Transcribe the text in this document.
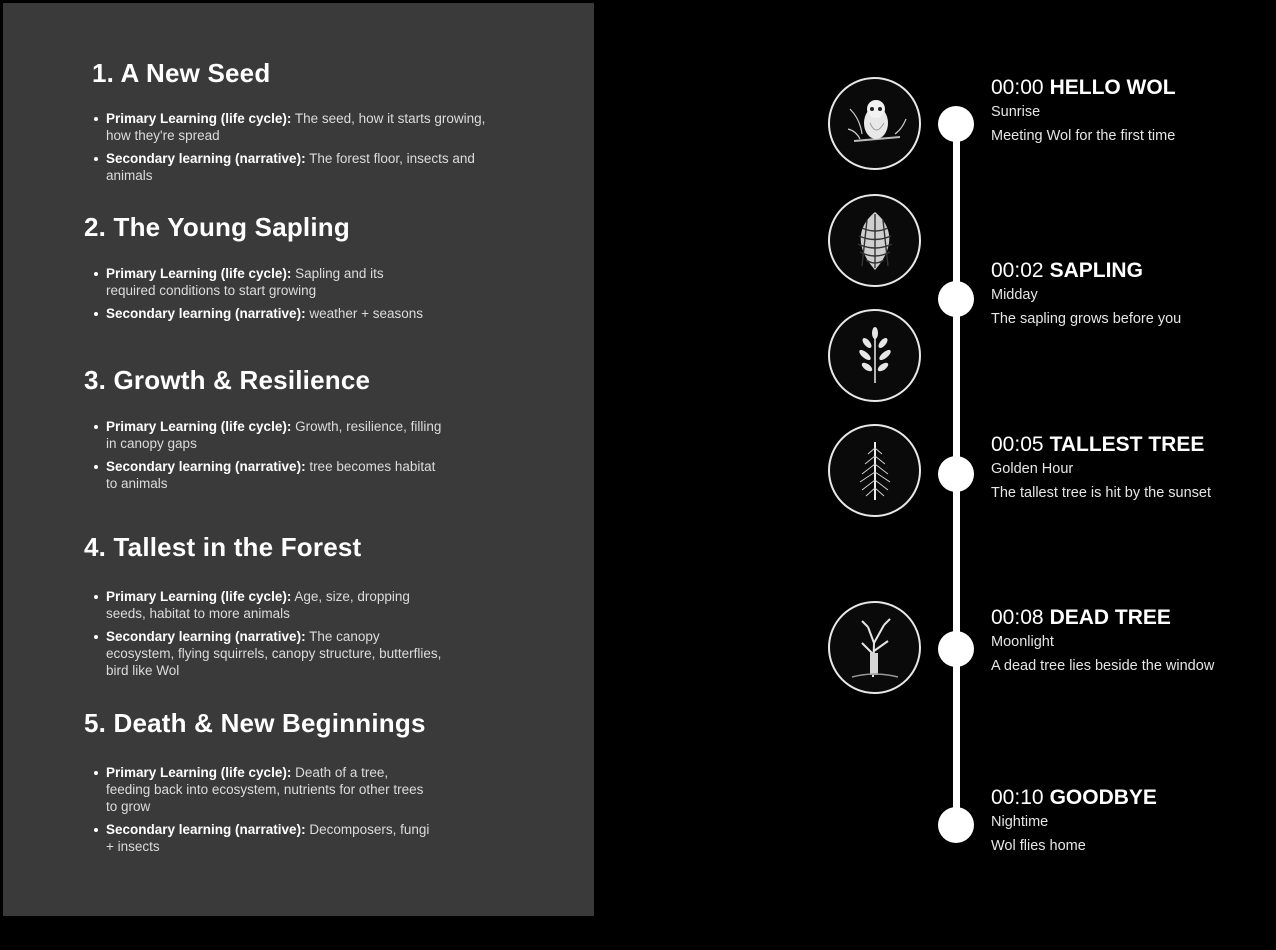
1. A New Seed
Primary Learning (life cycle): The seed, how it starts growing, how they're spread
Secondary learning (narrative): The forest floor, insects and animals
2. The Young Sapling
Primary Learning (life cycle): Sapling and its required conditions to start growing
Secondary learning (narrative): weather + seasons
3. Growth & Resilience
Primary Learning (life cycle): Growth, resilience, filling in canopy gaps
Secondary learning (narrative): tree becomes habitat to animals
4. Tallest in the Forest
Primary Learning (life cycle): Age, size, dropping seeds, habitat to more animals
Secondary learning (narrative): The canopy ecosystem, flying squirrels, canopy structure, butterflies, bird like Wol
5. Death & New Beginnings
Primary Learning (life cycle): Death of a tree, feeding back into ecosystem, nutrients for other trees to grow
Secondary learning (narrative): Decomposers, fungi + insects
00:00 HELLO WOL
Sunrise
Meeting Wol for the first time
00:02 SAPLING
Midday
The sapling grows before you
00:05 TALLEST TREE
Golden Hour
The tallest tree is hit by the sunset
00:08 DEAD TREE
Moonlight
A dead tree lies beside the window
00:10 GOODBYE
Nightime
Wol flies home
